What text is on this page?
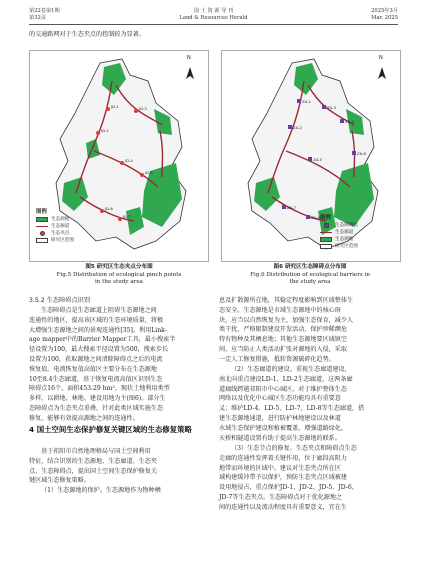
第22卷第1期
第32页
国 土 资 源 导 刊
Land & Resources Herald
2025年3月
Mar. 2025
的交通路网对于生态夹点的控制较为显著。
JD-1
JD-2
JD-3
JD-4
JD-5
JD-6
JD-7
N
图例
生态源地
生态廊道
生态夹点
研究区范围
图5 研究区生态夹点分布图
Fig.5 Distribution of ecological pinch points
in the study area
ZA-1
ZA-2
ZA-3
ZA-4
ZA-5
ZA-6
ZA-7
ZA-8
N
图例
生态障碍点
生态廊道
生态源地
研究区范围
图6 研究区生态障碍点分布图
Fig.6 Distribution of ecological barriers in
the study area
3.5.2 生态障碍点识别
生态障碍点是生态廊道上阻碍生态源地之间
连通性的地区，提高该区域的生态环境质量，将极
大增强生态源地之间的景观连通性[35]。利用Link-
age mapper中的Barrier Mapper工具，最小搜索半
径设置为100，最大搜索半径设置为500，搜索步长
设置为100，获取源地之间清除障碍点之后的电流
恢复值。电流恢复值高值区主要分布在生态源地
10至8.4生态廊道，基于恢复电流高值区识别生态
障碍点16个，面积453.29 hm²，现状土地利用类型
多样，以耕地、林地、建设用地为主(图6)。部分生
态障碍点为生态夹点重叠，针对此类区域实施生态
修复，能够有效提高源地之间的连通性。
4 国土空间生态保护修复关键区域的生态修复策略
基于祁阳市自然地理格局与国土空间利用
特征，结合识别的生态源地、生态廊道、生态夹
点、生态障碍点，提出国土空间生态保护修复关
键区域生态修复策略。
（1）生态源地的保护。生态源地作为物种栖
息及扩散源所在地，其稳定程度影响到区域整体生
态安全。生态源地是市域生态源地中的核心斑
块，应当以自然恢复为主，加强生态保育，减少人
类干扰，严格限制建设开发活动，保护珍稀濒危
特有物种及其栖息地；其他生态源地要区域镇空
间，应当防止人类活动扩张对源地的入侵，采取
一定人工修复措施，抵转资源破碎化趋势。
（2）生态廊道的建设。重视生态廊道建设，
南北向重点建设LD-1、LD-2生态廊道，这两条廊
道廊线跨越祁阳市中心城区，对于维护整体生态
网络以及优化中心城区生态功能均具有重要意
义；维护LD-4、LD-5、LD-7、LD-8等生态廊道，搭
建生态源地通道，进行防护林地建设以及林道
水域生态保护建设和植被覆盖，增强道路绿化，
天桥和隧道设置有助于提高生态源地的联系。
（3）生态节点的修复。生态夹点和障碍点生态
走廊的连通性发挥着关键作用，位于廊段高阻力
地带而环境的区域中。建议对生态夹点所在区
域构建缓冲带予以保护，预防生态夹点区域被建
设用地侵占，重点保护JD-1、JD-2、JD-5、JD-6、
JD-7等生态夹点。生态障碍点对于优化源地之
间的连通性以及流动程度具有重要意义，宜在生
